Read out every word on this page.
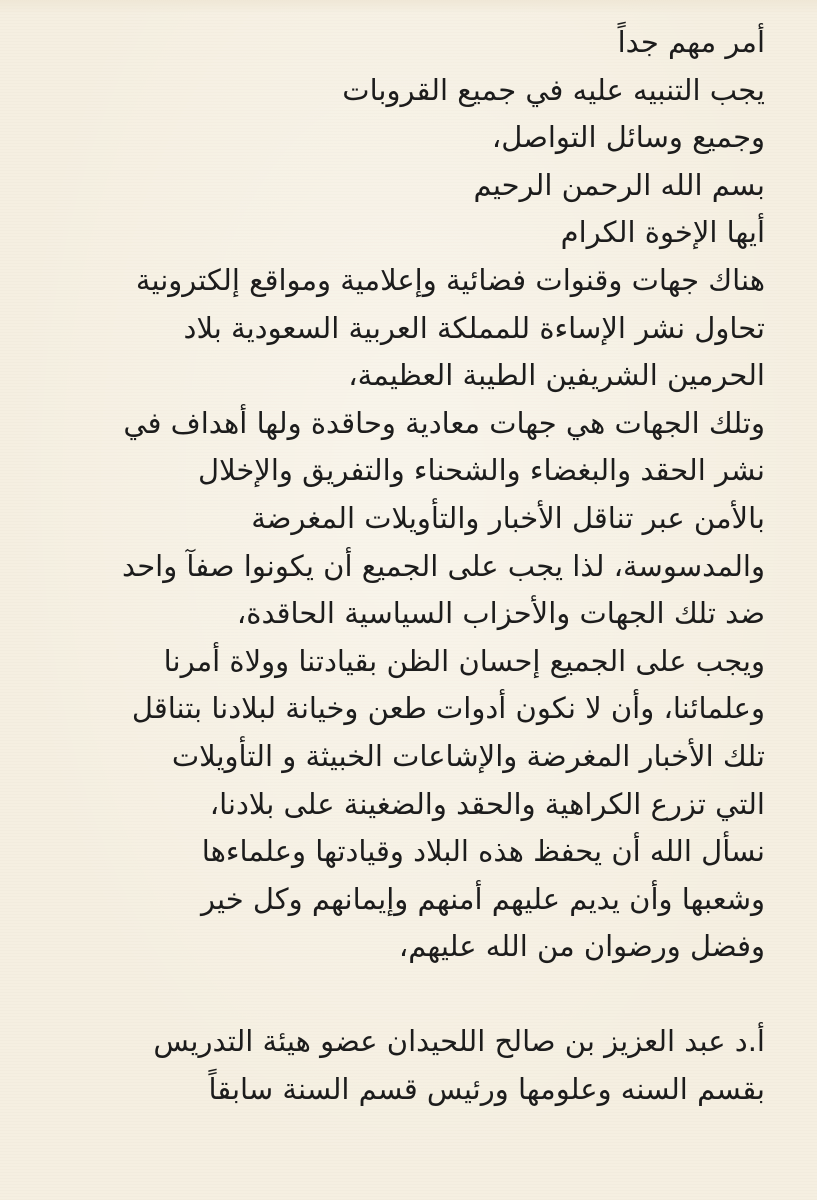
أمر مهم جداً
يجب التنبيه عليه في جميع القروبات
وجميع وسائل التواصل،
بسم الله الرحمن الرحيم
أيها الإخوة الكرام
هناك جهات وقنوات فضائية وإعلامية ومواقع إلكترونية
تحاول نشر الإساءة للمملكة العربية السعودية بلاد
الحرمين الشريفين الطيبة العظيمة،
وتلك الجهات هي جهات معادية وحاقدة ولها أهداف في
نشر الحقد والبغضاء والشحناء والتفريق والإخلال
بالأمن عبر تناقل الأخبار والتأويلات المغرضة
والمدسوسة، لذا يجب على الجميع أن يكونوا صفآ واحد
ضد تلك الجهات والأحزاب السياسية الحاقدة،
ويجب على الجميع إحسان الظن بقيادتنا وولاة أمرنا
وعلمائنا، وأن لا نكون أدوات طعن وخيانة لبلادنا بتناقل
تلك الأخبار المغرضة والإشاعات الخبيثة و التأويلات
التي تزرع الكراهية والحقد والضغينة على بلادنا،
نسأل الله أن يحفظ هذه البلاد وقيادتها وعلماءها
وشعبها وأن يديم عليهم أمنهم وإيمانهم وكل خير
وفضل ورضوان من الله عليهم،
أ.د عبد العزيز بن صالح اللحيدان عضو هيئة التدريس
بقسم السنه وعلومها ورئيس قسم السنة سابقاً
